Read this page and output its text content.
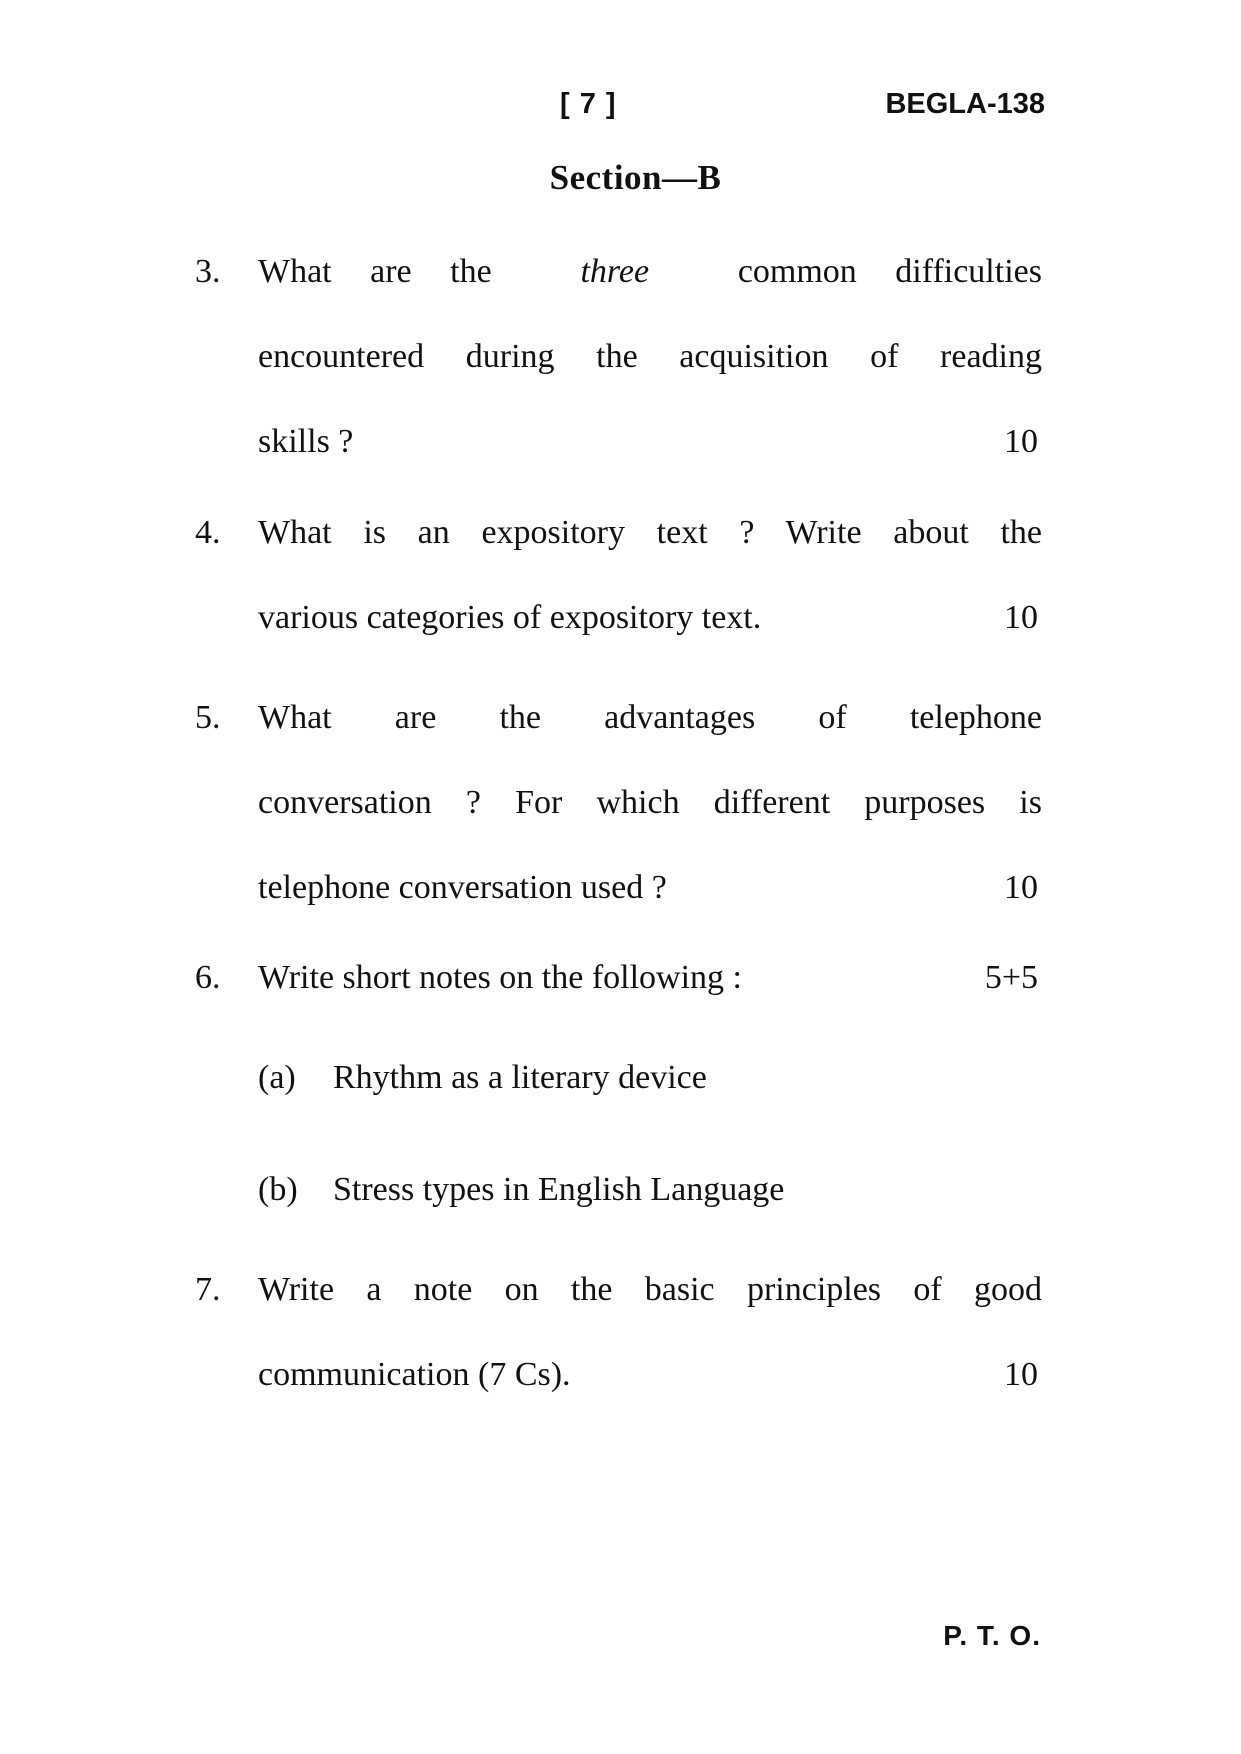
[ 7 ]	BEGLA-138
Section—B
3. What are the	three	common difficulties
encountered during the acquisition of reading
skills ?	10
4. What is an expository text ? Write about the
various categories of expository text.	10
5. What are the advantages of telephone
conversation ? For which different purposes is
telephone conversation used ?	10
6. Write short notes on the following :	5+5
(a) Rhythm as a literary device
(b) Stress types in English Language
7. Write a note on the basic principles of good
communication (7 Cs).	10
P. T. O.
